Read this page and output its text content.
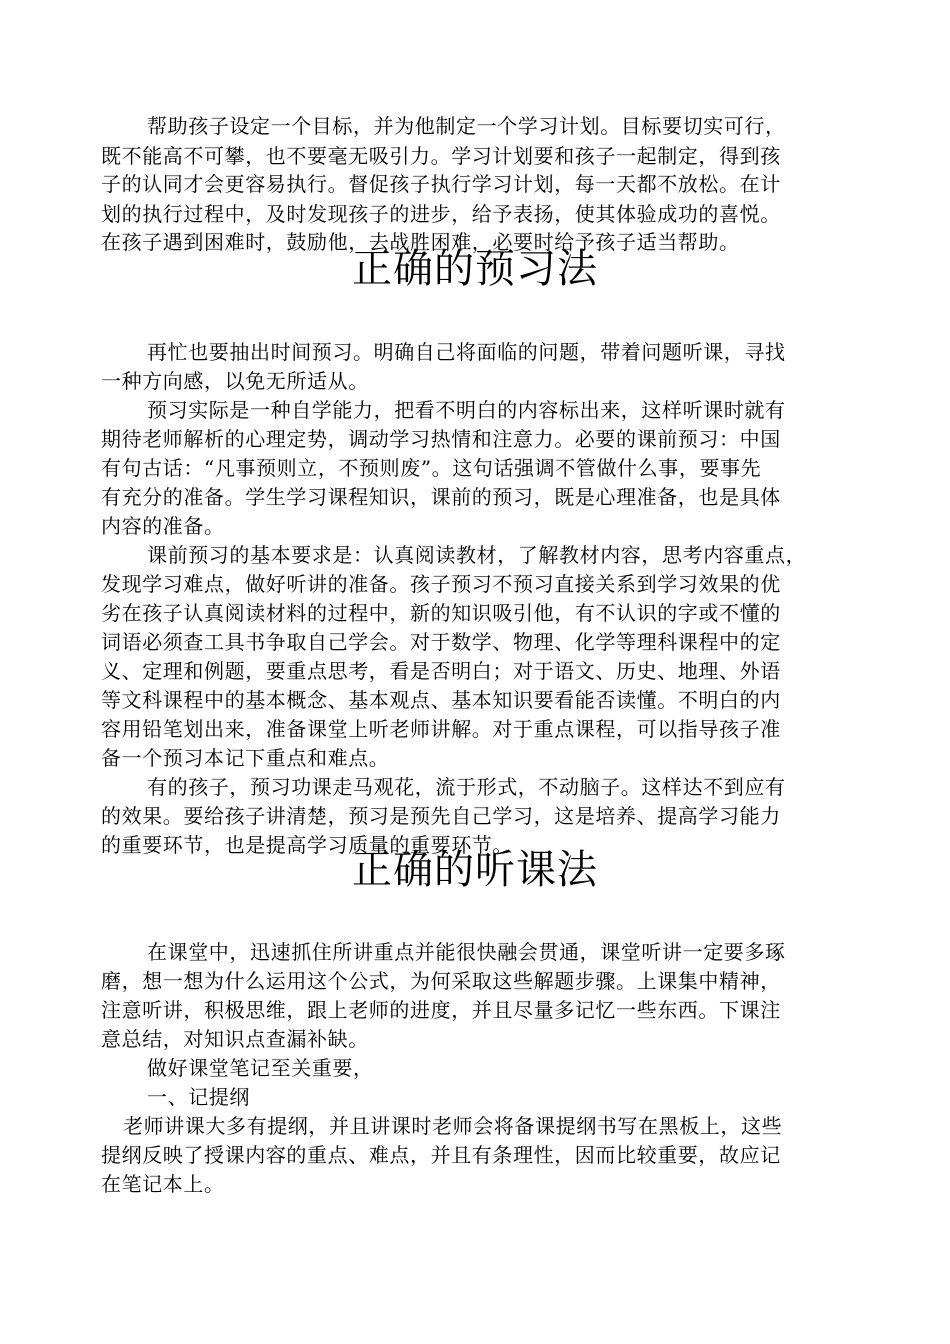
帮助孩子设定一个目标，并为他制定一个学习计划。目标要切实可行，
既不能高不可攀，也不要毫无吸引力。学习计划要和孩子一起制定，得到孩
子的认同才会更容易执行。督促孩子执行学习计划，每一天都不放松。在计
划的执行过程中，及时发现孩子的进步，给予表扬，使其体验成功的喜悦。
在孩子遇到困难时，鼓励他，去战胜困难，必要时给予孩子适当帮助。
正确的预习法
再忙也要抽出时间预习。明确自己将面临的问题，带着问题听课，寻找
一种方向感，以免无所适从。
预习实际是一种自学能力，把看不明白的内容标出来，这样听课时就有
期待老师解析的心理定势，调动学习热情和注意力。必要的课前预习：中国
有句古话：“凡事预则立，不预则废”。这句话强调不管做什么事，要事先
有充分的准备。学生学习课程知识，课前的预习，既是心理准备，也是具体
内容的准备。
课前预习的基本要求是：认真阅读教材，了解教材内容，思考内容重点，
发现学习难点，做好听讲的准备。孩子预习不预习直接关系到学习效果的优
劣在孩子认真阅读材料的过程中，新的知识吸引他，有不认识的字或不懂的
词语必须查工具书争取自己学会。对于数学、物理、化学等理科课程中的定
义、定理和例题，要重点思考，看是否明白；对于语文、历史、地理、外语
等文科课程中的基本概念、基本观点、基本知识要看能否读懂。不明白的内
容用铅笔划出来，准备课堂上听老师讲解。对于重点课程，可以指导孩子准
备一个预习本记下重点和难点。
有的孩子，预习功课走马观花，流于形式，不动脑子。这样达不到应有
的效果。要给孩子讲清楚，预习是预先自己学习，这是培养、提高学习能力
的重要环节，也是提高学习质量的重要环节。
正确的听课法
在课堂中，迅速抓住所讲重点并能很快融会贯通，课堂听讲一定要多琢
磨，想一想为什么运用这个公式，为何采取这些解题步骤。上课集中精神，
注意听讲，积极思维，跟上老师的进度，并且尽量多记忆一些东西。下课注
意总结，对知识点查漏补缺。
做好课堂笔记至关重要，
一、记提纲
老师讲课大多有提纲，并且讲课时老师会将备课提纲书写在黑板上，这些
提纲反映了授课内容的重点、难点，并且有条理性，因而比较重要，故应记
在笔记本上。
